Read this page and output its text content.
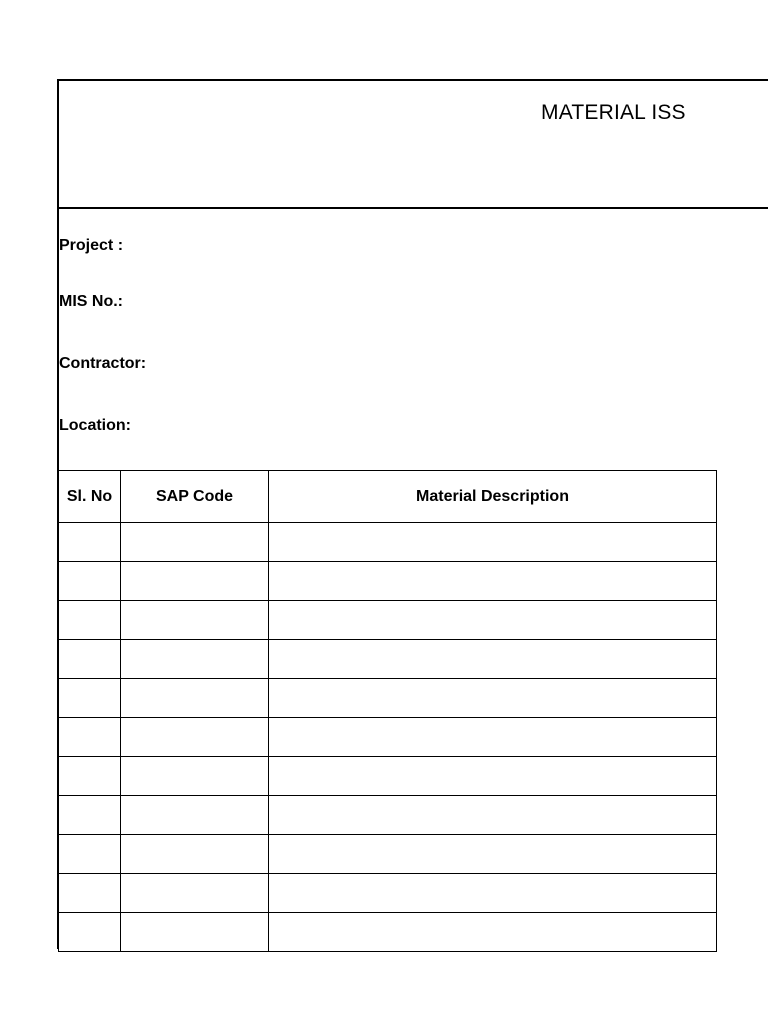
MATERIAL ISS
Project :
MIS No.:
Contractor:
Location:
Sl. No	SAP Code	Material Description
